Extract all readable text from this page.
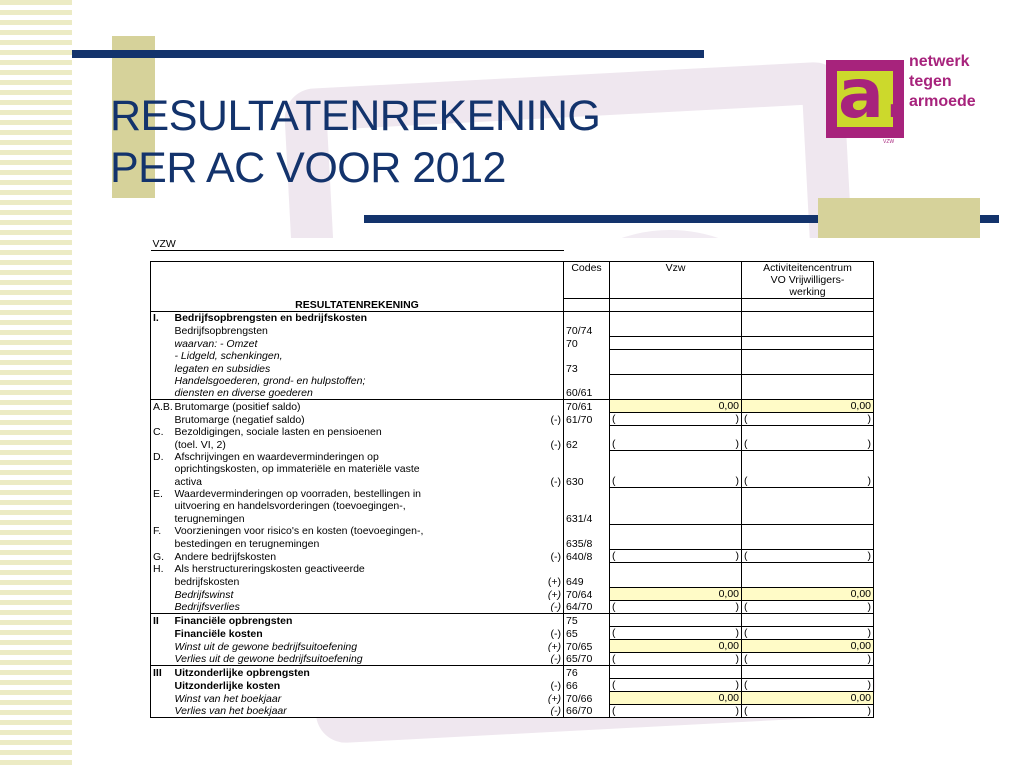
RESULTATENREKENING
PER AC VOOR 2012
a. netwerk
tegen
armoede
VZW
VZW					

			Codes	Vzw	Activiteitencentrum
VO Vrijwilligers-
werking

RESULTATENREKENING					
I.	Bedrijfsopbrengsten en bedrijfskosten				
	Bedrijfsopbrengsten		70/74		
	waarvan: - Omzet		70		
	- Lidgeld, schenkingen,				
	legaten en subsidies		73		
	Handelsgoederen, grond- en hulpstoffen;				
	diensten en diverse goederen		60/61		
A.B.	Brutomarge (positief saldo)		70/61	0,00	0,00
	Brutomarge (negatief saldo)	(-)	61/70	( )	( )

C.	Bezoldigingen, sociale lasten en pensioenen				
	(toel. VI, 2)	(-)	62	( )	( )

D.	Afschrijvingen en waardeverminderingen op				
	oprichtingskosten, op immateriële en materiële vaste				
	activa	(-)	630	( )	( )

E.	Waardeverminderingen op voorraden, bestellingen in				
	uitvoering en handelsvorderingen (toevoegingen-,				
	terugnemingen		631/4		
F.	Voorzieningen voor risico's en kosten (toevoegingen-,				
	bestedingen en terugnemingen		635/8		
G.	Andere bedrijfskosten	(-)	640/8	( )	( )

H.	Als herstructureringskosten geactiveerde				
	bedrijfskosten	(+)	649		
	Bedrijfswinst	(+)	70/64	0,00	0,00
	Bedrijfsverlies	(-)	64/70	( )	( )

II	Financiële opbrengsten		75		
	Financiële kosten	(-)	65	( )	( )

	Winst uit de gewone bedrijfsuitoefening	(+)	70/65	0,00	0,00
	Verlies uit de gewone bedrijfsuitoefening	(-)	65/70	( )	( )

III	Uitzonderlijke opbrengsten		76		
	Uitzonderlijke kosten	(-)	66	( )	( )

	Winst van het boekjaar	(+)	70/66	0,00	0,00
	Verlies van het boekjaar	(-)	66/70	( )	( )
